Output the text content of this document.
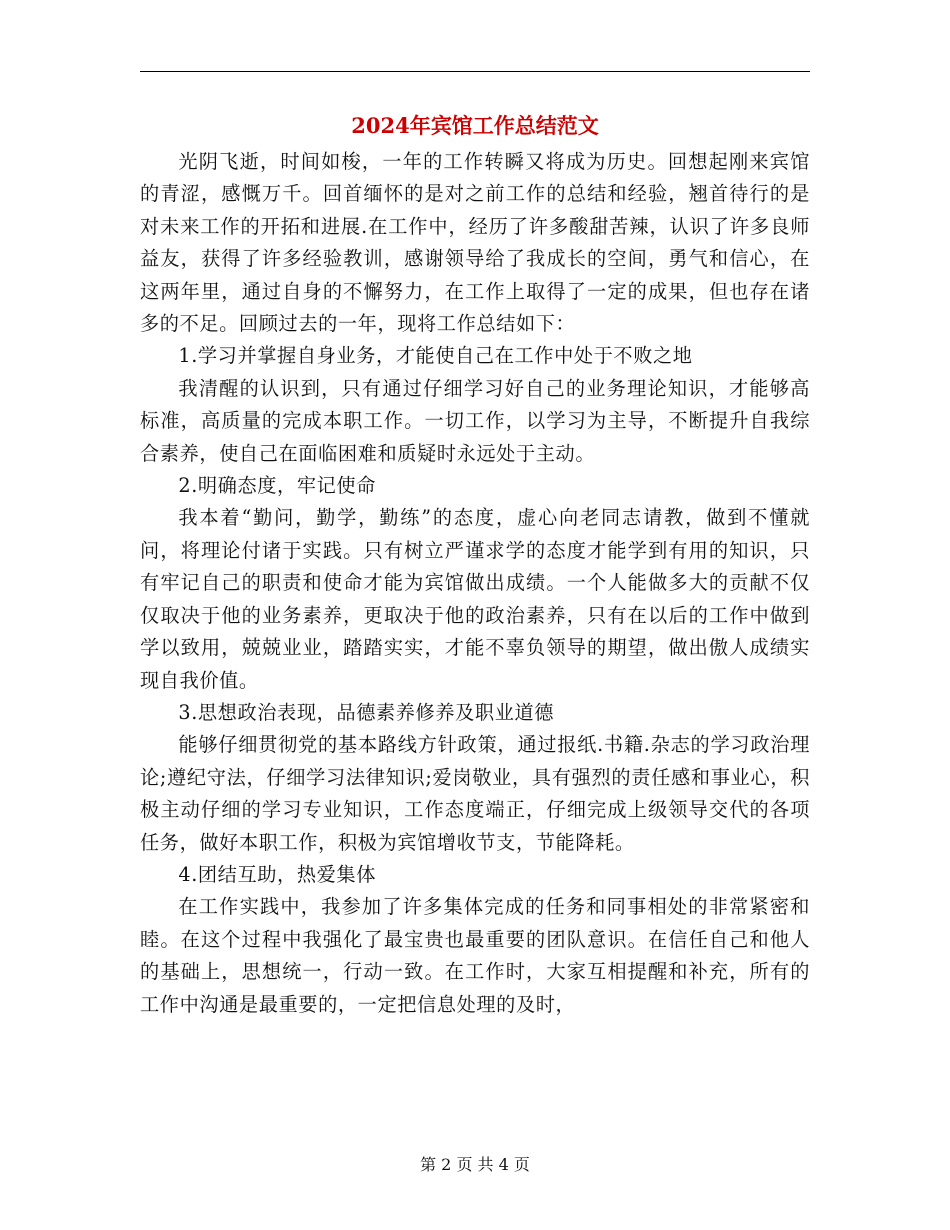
2024年宾馆工作总结范文

光阴飞逝，时间如梭，一年的工作转瞬又将成为历史。回想起刚来宾馆的青涩，感慨万千。回首缅怀的是对之前工作的总结和经验，翘首待行的是对未来工作的开拓和进展.在工作中，经历了许多酸甜苦辣，认识了许多良师益友，获得了许多经验教训，感谢领导给了我成长的空间，勇气和信心，在这两年里，通过自身的不懈努力，在工作上取得了一定的成果，但也存在诸多的不足。回顾过去的一年，现将工作总结如下：

1.学习并掌握自身业务，才能使自己在工作中处于不败之地

我清醒的认识到，只有通过仔细学习好自己的业务理论知识，才能够高标准，高质量的完成本职工作。一切工作，以学习为主导，不断提升自我综合素养，使自己在面临困难和质疑时永远处于主动。

2.明确态度，牢记使命

我本着“勤问，勤学，勤练”的态度，虚心向老同志请教，做到不懂就问，将理论付诸于实践。只有树立严谨求学的态度才能学到有用的知识，只有牢记自己的职责和使命才能为宾馆做出成绩。一个人能做多大的贡献不仅仅取决于他的业务素养，更取决于他的政治素养，只有在以后的工作中做到学以致用，兢兢业业，踏踏实实，才能不辜负领导的期望，做出傲人成绩实现自我价值。

3.思想政治表现，品德素养修养及职业道德

能够仔细贯彻党的基本路线方针政策，通过报纸.书籍.杂志的学习政治理论;遵纪守法，仔细学习法律知识;爱岗敬业，具有强烈的责任感和事业心，积极主动仔细的学习专业知识，工作态度端正，仔细完成上级领导交代的各项任务，做好本职工作，积极为宾馆增收节支，节能降耗。

4.团结互助，热爱集体

在工作实践中，我参加了许多集体完成的任务和同事相处的非常紧密和睦。在这个过程中我强化了最宝贵也最重要的团队意识。在信任自己和他人的基础上，思想统一，行动一致。在工作时，大家互相提醒和补充，所有的工作中沟通是最重要的，一定把信息处理的及时，

第 2 页 共 4 页
